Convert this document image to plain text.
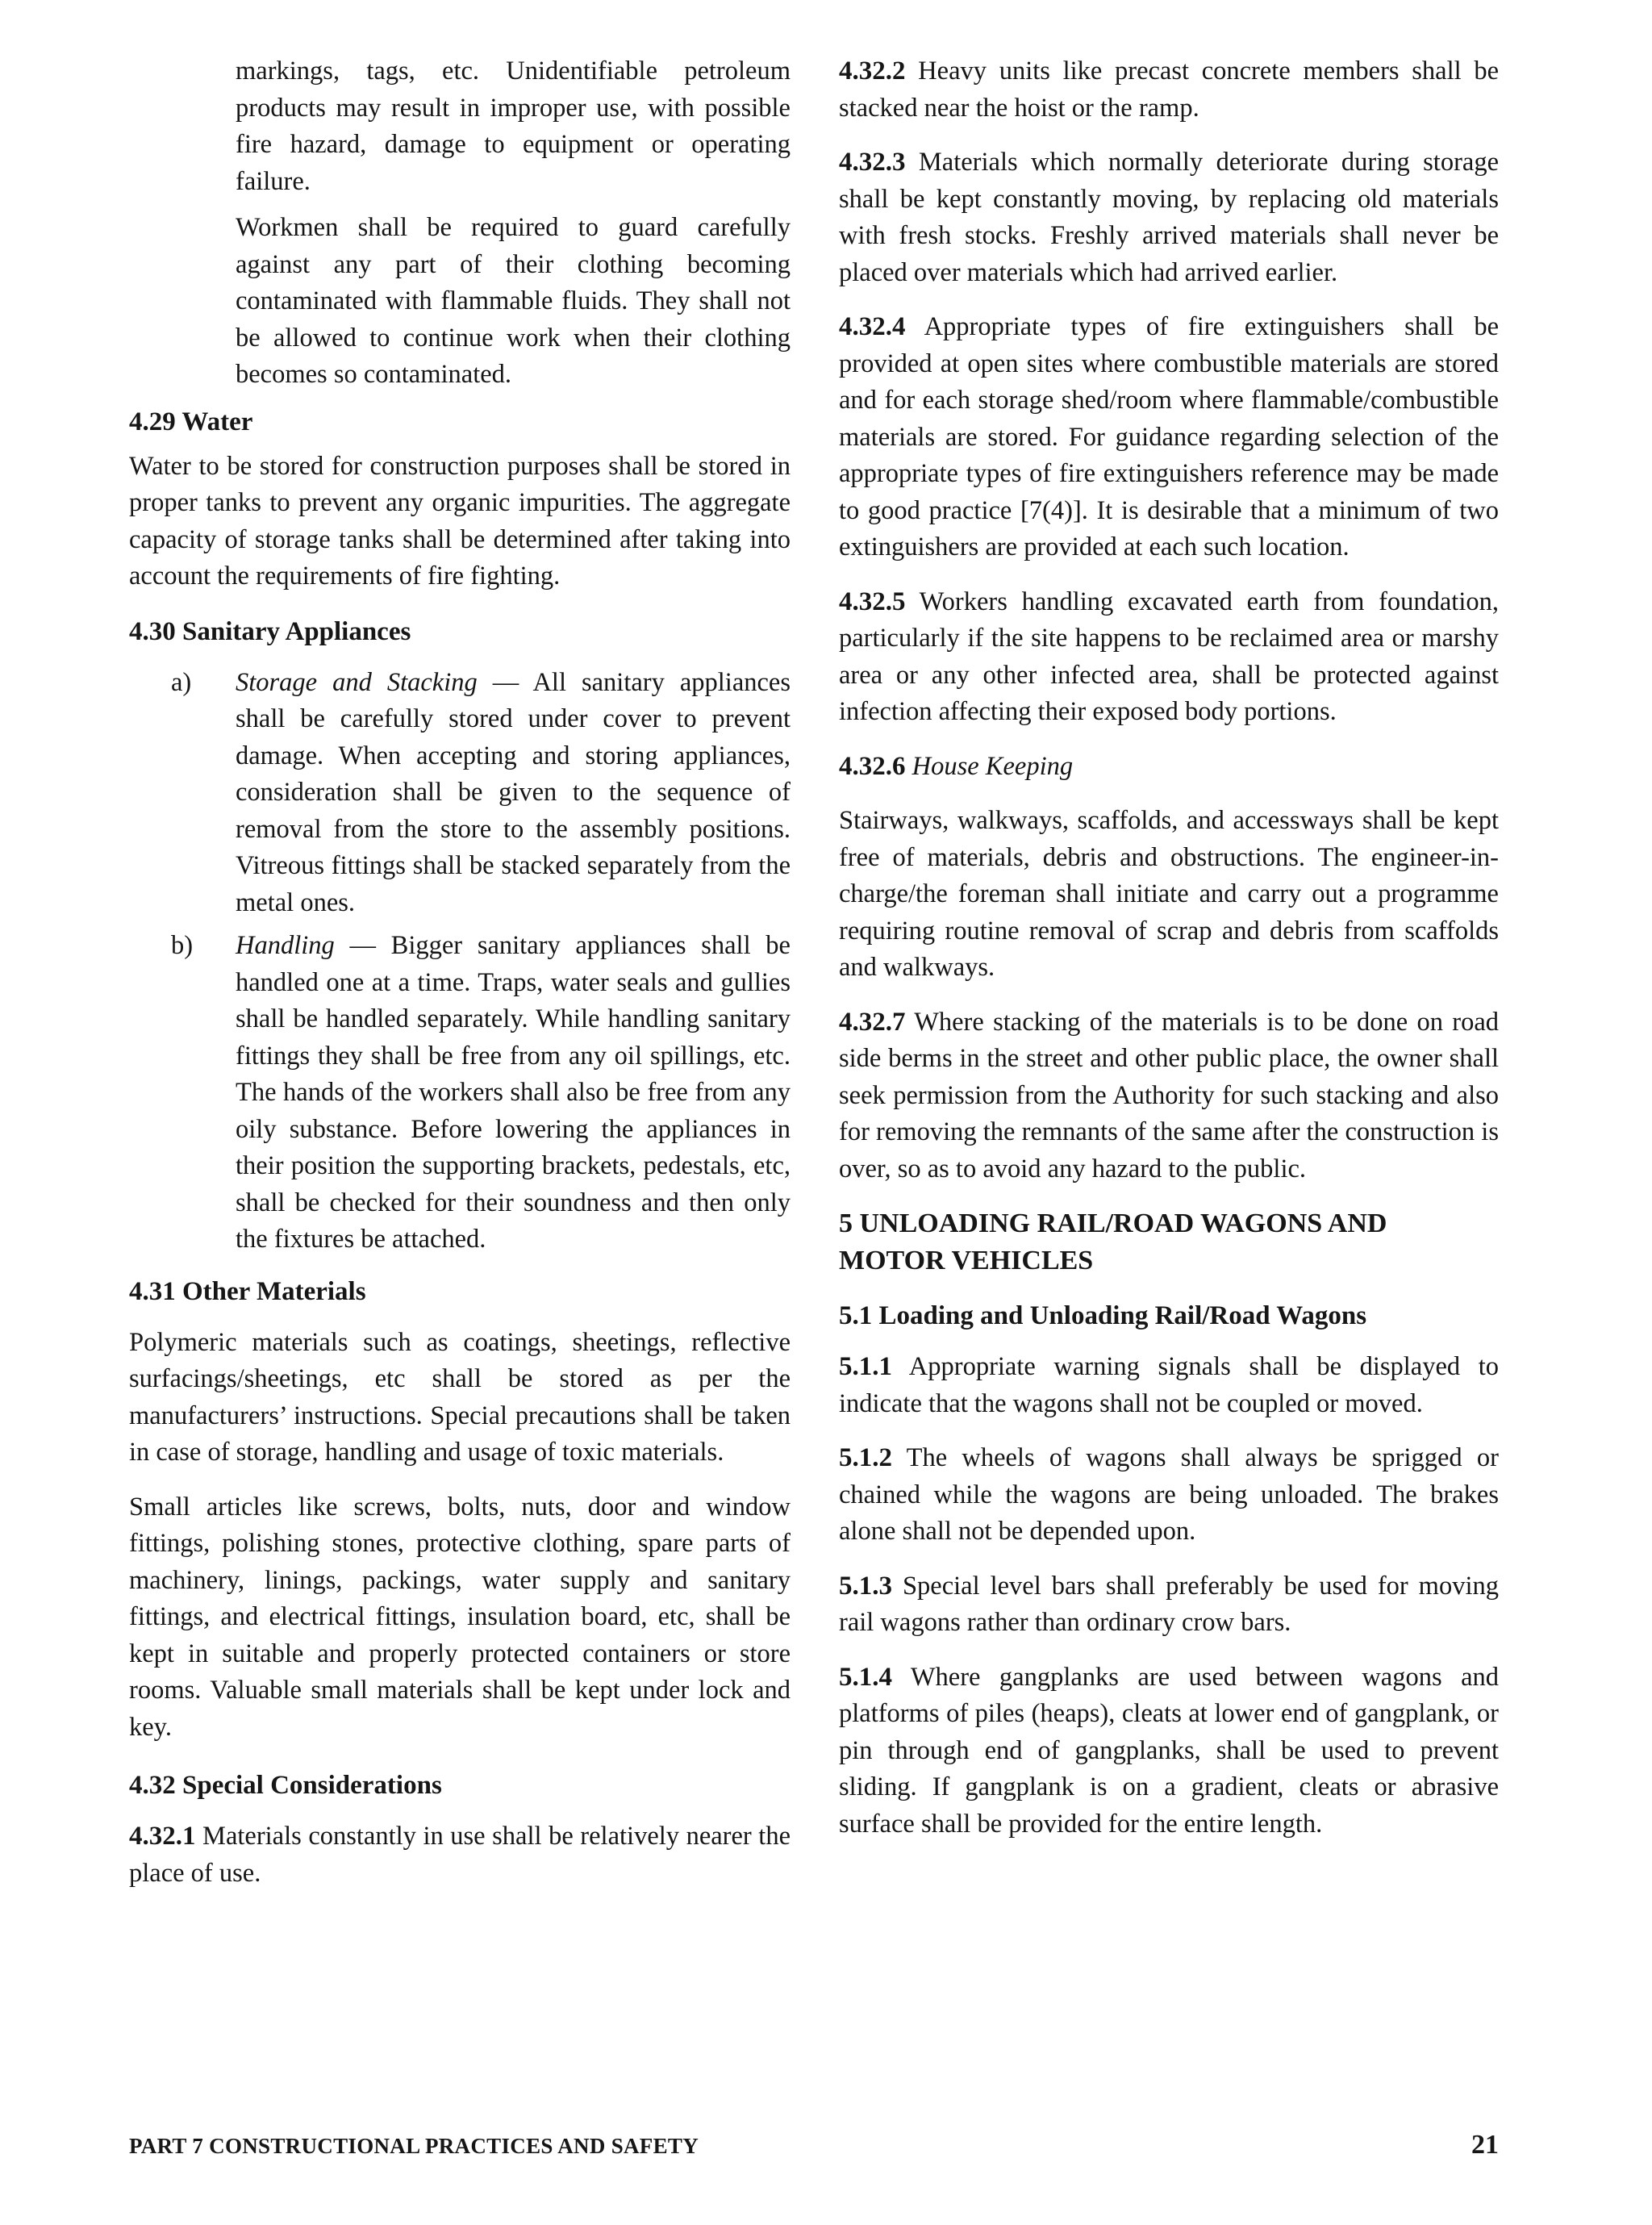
markings, tags, etc. Unidentifiable petroleum products may result in improper use, with possible fire hazard, damage to equipment or operating failure.

Workmen shall be required to guard carefully against any part of their clothing becoming contaminated with flammable fluids. They shall not be allowed to continue work when their clothing becomes so contaminated.

4.29 Water

Water to be stored for construction purposes shall be stored in proper tanks to prevent any organic impurities. The aggregate capacity of storage tanks shall be determined after taking into account the requirements of fire fighting.

4.30 Sanitary Appliances
a)	Storage and Stacking — All sanitary appliances shall be carefully stored under cover to prevent damage. When accepting and storing appliances, consideration shall be given to the sequence of removal from the store to the assembly positions. Vitreous fittings shall be stacked separately from the metal ones.
b)	Handling — Bigger sanitary appliances shall be handled one at a time. Traps, water seals and gullies shall be handled separately. While handling sanitary fittings they shall be free from any oil spillings, etc. The hands of the workers shall also be free from any oily substance. Before lowering the appliances in their position the supporting brackets, pedestals, etc, shall be checked for their soundness and then only the fixtures be attached.
4.31 Other Materials

Polymeric materials such as coatings, sheetings, reflective surfacings/sheetings, etc shall be stored as per the manufacturers’ instructions. Special precautions shall be taken in case of storage, handling and usage of toxic materials.

Small articles like screws, bolts, nuts, door and window fittings, polishing stones, protective clothing, spare parts of machinery, linings, packings, water supply and sanitary fittings, and electrical fittings, insulation board, etc, shall be kept in suitable and properly protected containers or store rooms. Valuable small materials shall be kept under lock and key.

4.32 Special Considerations

4.32.1 Materials constantly in use shall be relatively nearer the place of use.

4.32.2 Heavy units like precast concrete members shall be stacked near the hoist or the ramp.

4.32.3 Materials which normally deteriorate during storage shall be kept constantly moving, by replacing old materials with fresh stocks. Freshly arrived materials shall never be placed over materials which had arrived earlier.

4.32.4 Appropriate types of fire extinguishers shall be provided at open sites where combustible materials are stored and for each storage shed/room where flammable/combustible materials are stored. For guidance regarding selection of the appropriate types of fire extinguishers reference may be made to good practice [7(4)]. It is desirable that a minimum of two extinguishers are provided at each such location.

4.32.5 Workers handling excavated earth from foundation, particularly if the site happens to be reclaimed area or marshy area or any other infected area, shall be protected against infection affecting their exposed body portions.

4.32.6 House Keeping

Stairways, walkways, scaffolds, and accessways shall be kept free of materials, debris and obstructions. The engineer-in-charge/the foreman shall initiate and carry out a programme requiring routine removal of scrap and debris from scaffolds and walkways.

4.32.7 Where stacking of the materials is to be done on road side berms in the street and other public place, the owner shall seek permission from the Authority for such stacking and also for removing the remnants of the same after the construction is over, so as to avoid any hazard to the public.

5 UNLOADING RAIL/ROAD WAGONS AND MOTOR VEHICLES
5.1 Loading and Unloading Rail/Road Wagons

5.1.1 Appropriate warning signals shall be displayed to indicate that the wagons shall not be coupled or moved.

5.1.2 The wheels of wagons shall always be sprigged or chained while the wagons are being unloaded. The brakes alone shall not be depended upon.

5.1.3 Special level bars shall preferably be used for moving rail wagons rather than ordinary crow bars.

5.1.4 Where gangplanks are used between wagons and platforms of piles (heaps), cleats at lower end of gangplank, or pin through end of gangplanks, shall be used to prevent sliding. If gangplank is on a gradient, cleats or abrasive surface shall be provided for the entire length.

PART 7 CONSTRUCTIONAL PRACTICES AND SAFETY	21
